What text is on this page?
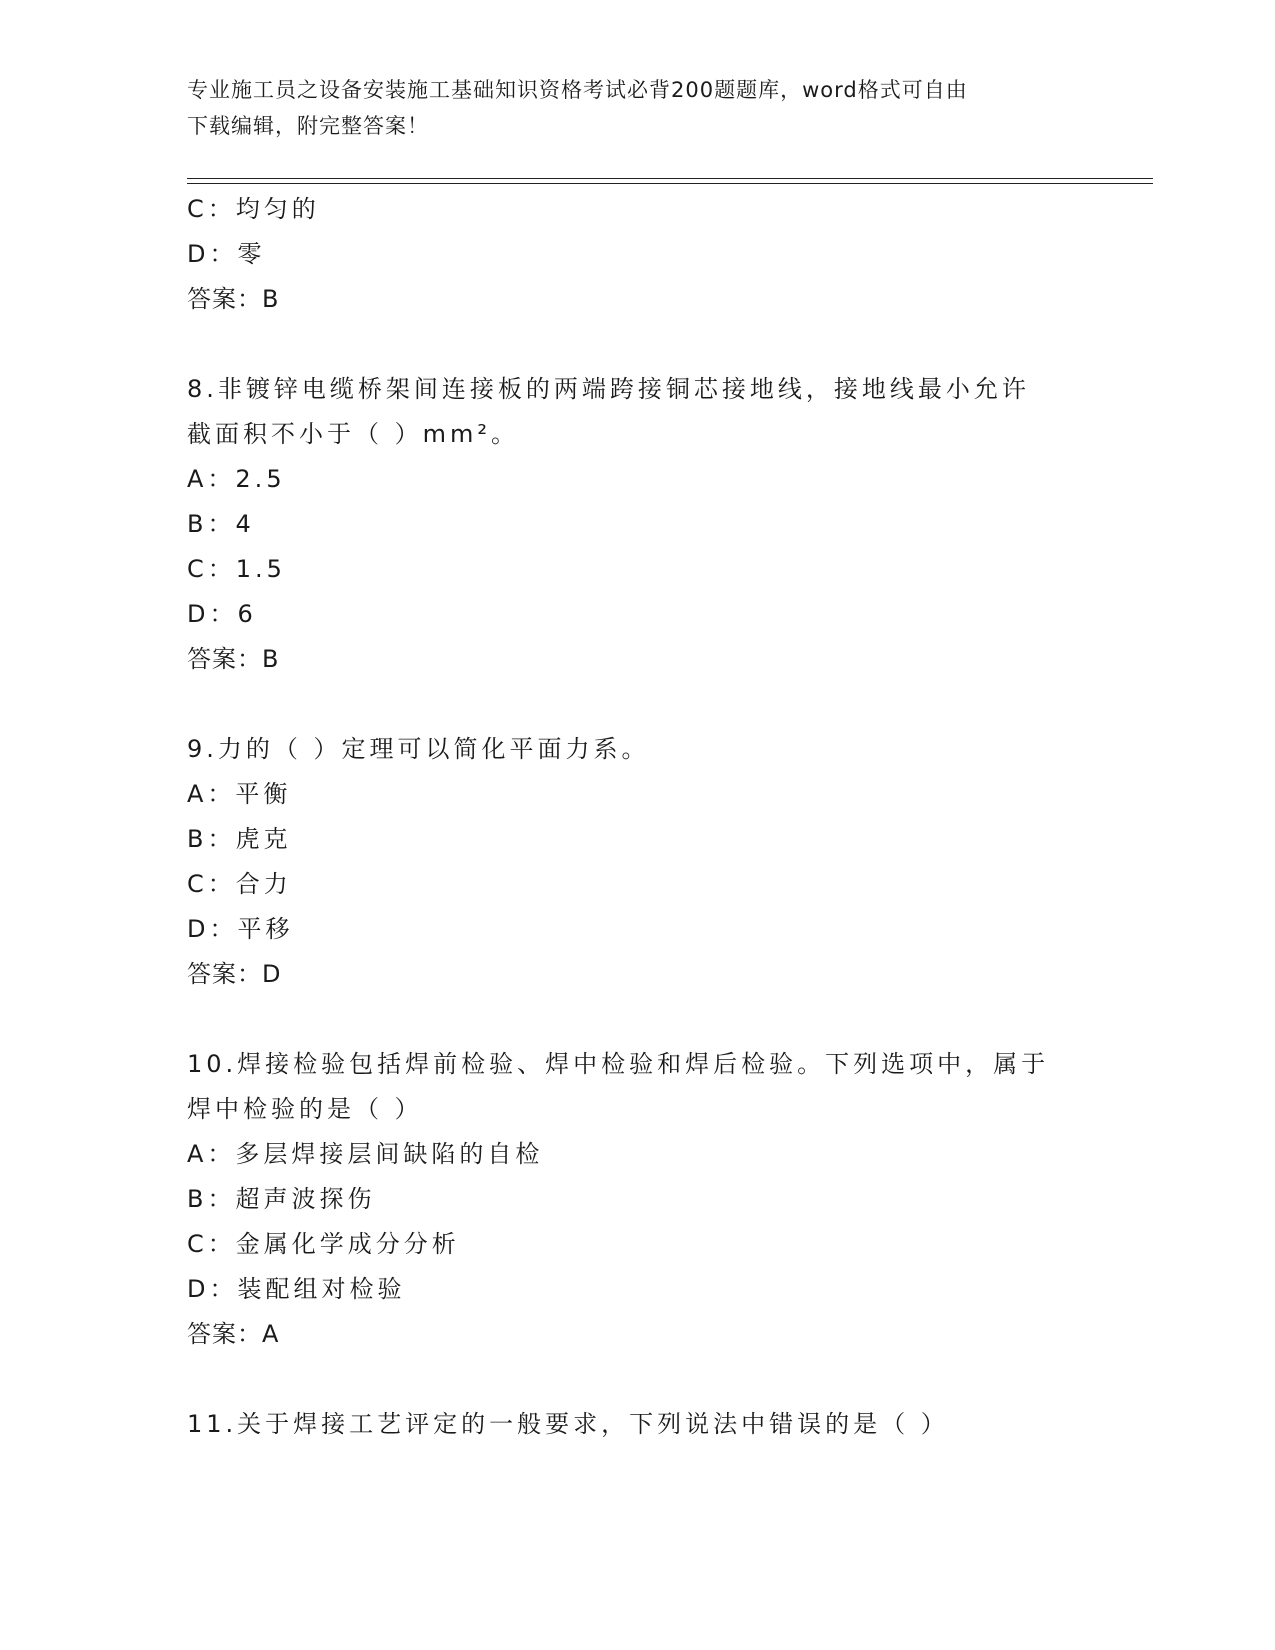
专业施工员之设备安装施工基础知识资格考试必背200题题库，word格式可自由
下载编辑，附完整答案！
C：均匀的
D：零
答案：B
8.非镀锌电缆桥架间连接板的两端跨接铜芯接地线，接地线最小允许
截面积不小于（ ）mm²。
A：2.5
B：4
C：1.5
D：6
答案：B
9.力的（ ）定理可以简化平面力系。
A：平衡
B：虎克
C：合力
D：平移
答案：D
10.焊接检验包括焊前检验、焊中检验和焊后检验。下列选项中，属于
焊中检验的是（ ）
A：多层焊接层间缺陷的自检
B：超声波探伤
C：金属化学成分分析
D：装配组对检验
答案：A
11.关于焊接工艺评定的一般要求，下列说法中错误的是（ ）
